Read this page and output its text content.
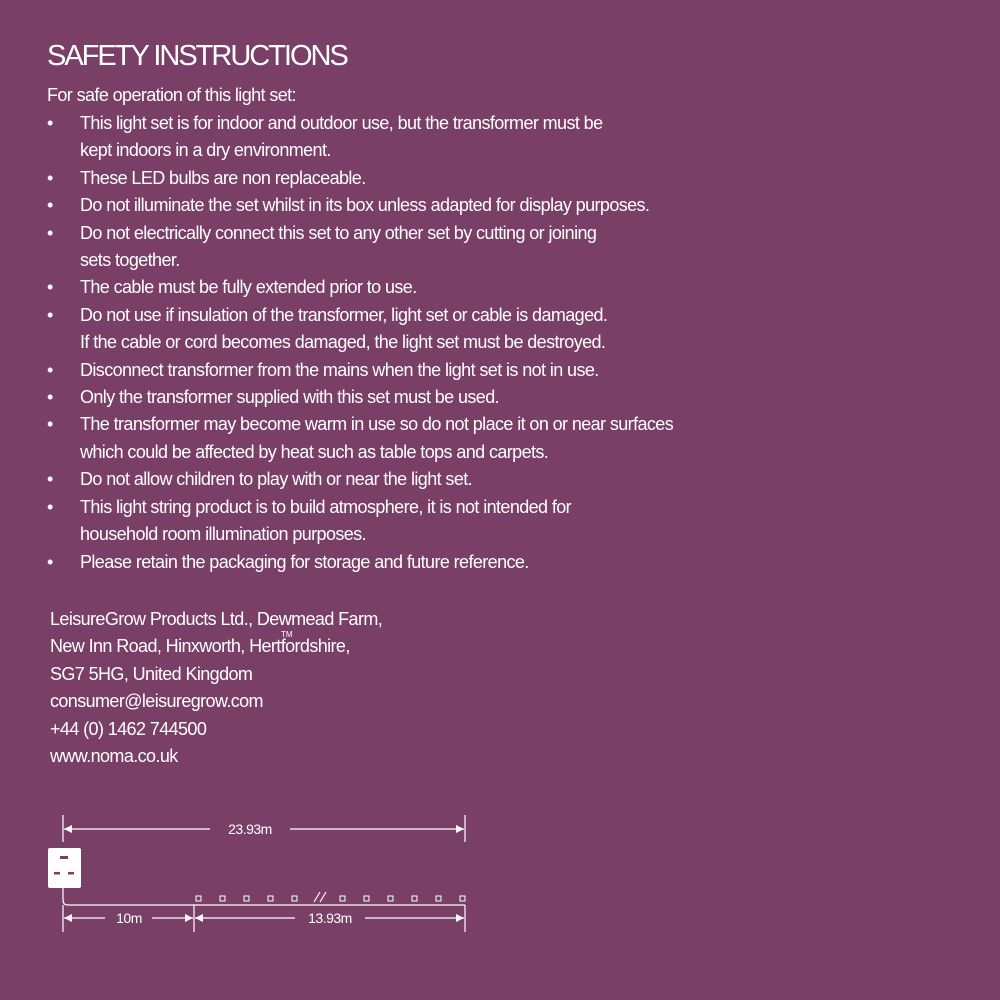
SAFETY INSTRUCTIONS
For safe operation of this light set:
• This light set is for indoor and outdoor use, but the transformer must be
kept indoors in a dry environment.
• These LED bulbs are non replaceable.
• Do not illuminate the set whilst in its box unless adapted for display purposes.
• Do not electrically connect this set to any other set by cutting or joining
sets together.
• The cable must be fully extended prior to use.
• Do not use if insulation of the transformer, light set or cable is damaged.
If the cable or cord becomes damaged, the light set must be destroyed.
• Disconnect transformer from the mains when the light set is not in use.
• Only the transformer supplied with this set must be used.
• The transformer may become warm in use so do not place it on or near surfaces
which could be affected by heat such as table tops and carpets.
• Do not allow children to play with or near the light set.
• This light string product is to build atmosphere, it is not intended for
household room illumination purposes.
• Please retain the packaging for storage and future reference.
LeisureGrow Products Ltd., Dewmead Farm,
New Inn Road, Hinxworth, Hertfordshire,
SG7 5HG, United Kingdom
consumer@leisuregrow.com
+44 (0) 1462 744500
www.noma.co.uk
TM
23.93m
10m	13.93m
